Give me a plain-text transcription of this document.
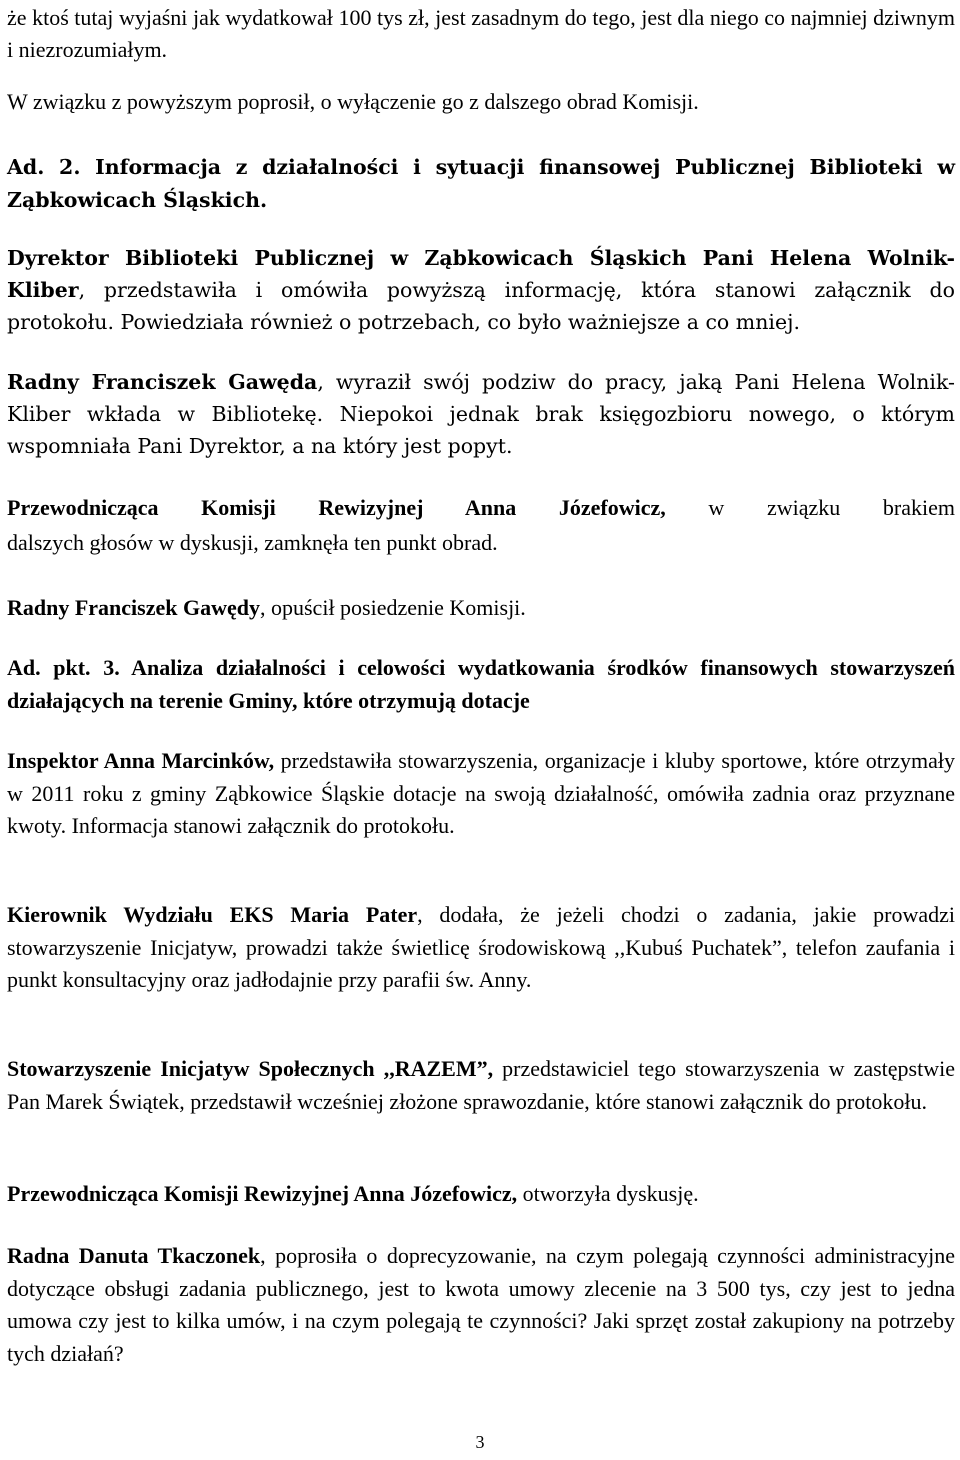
że ktoś tutaj wyjaśni jak wydatkował 100 tys zł, jest zasadnym do tego, jest dla niego co najmniej dziwnym i niezrozumiałym.
W związku z powyższym poprosił, o wyłączenie go z dalszego obrad Komisji.
Ad. 2. Informacja z działalności i sytuacji finansowej Publicznej Biblioteki w
Ząbkowicach Śląskich.
Dyrektor Biblioteki Publicznej w Ząbkowicach Śląskich Pani Helena Wolnik-Kliber, przedstawiła i omówiła powyższą informację, która stanowi załącznik do protokołu. Powiedziała również o potrzebach, co było ważniejsze a co mniej.
Radny Franciszek Gawęda, wyraził swój podziw do pracy, jaką Pani Helena Wolnik- Kliber wkłada w Bibliotekę. Niepokoi jednak brak księgozbioru nowego, o którym wspomniała Pani Dyrektor, a na który jest popyt.
Przewodnicząca Komisji Rewizyjnej Anna Józefowicz, w związku brakiem
dalszych głosów w dyskusji, zamknęła ten punkt obrad.
Radny Franciszek Gawędy, opuścił posiedzenie Komisji.
Ad. pkt. 3. Analiza działalności i celowości wydatkowania środków finansowych stowarzyszeń działających na terenie Gminy, które otrzymują dotacje
Inspektor Anna Marcinków, przedstawiła stowarzyszenia, organizacje i kluby sportowe, które otrzymały w 2011 roku z gminy Ząbkowice Śląskie dotacje na swoją działalność, omówiła zadnia oraz przyznane kwoty. Informacja stanowi załącznik do protokołu.
Kierownik Wydziału EKS Maria Pater, dodała, że jeżeli chodzi o zadania, jakie prowadzi stowarzyszenie Inicjatyw, prowadzi także świetlicę środowiskową ,,Kubuś Puchatek”, telefon zaufania i punkt konsultacyjny oraz jadłodajnie przy parafii św. Anny.
Stowarzyszenie Inicjatyw Społecznych ,,RAZEM”, przedstawiciel tego stowarzyszenia w zastępstwie Pan Marek Świątek, przedstawił wcześniej złożone sprawozdanie, które stanowi załącznik do protokołu.
Przewodnicząca Komisji Rewizyjnej Anna Józefowicz, otworzyła dyskusję.
Radna Danuta Tkaczonek, poprosiła o doprecyzowanie, na czym polegają czynności administracyjne dotyczące obsługi zadania publicznego, jest to kwota umowy zlecenie na 3 500 tys, czy jest to jedna umowa czy jest to kilka umów, i na czym polegają te czynności? Jaki sprzęt został zakupiony na potrzeby tych działań?
3
